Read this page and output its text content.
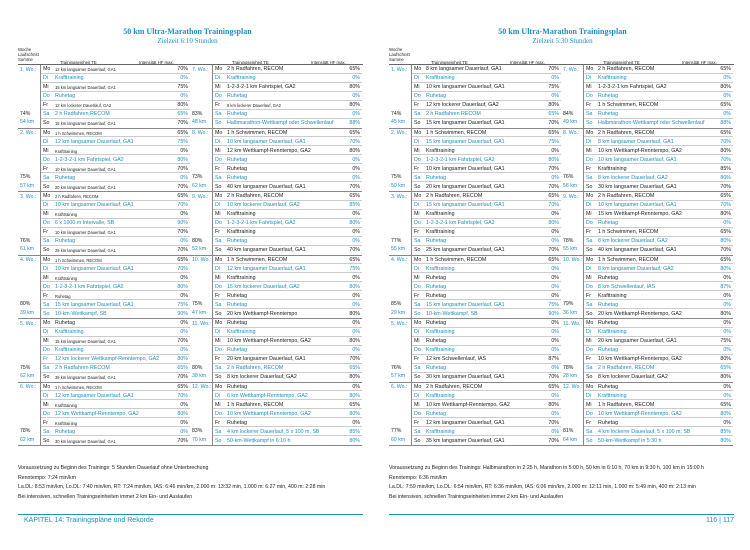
50 km Ultra-Marathon Trainingsplan
Zielzeit 6:10 Stunden
Woche Laufschnitt Summe
Trainingseinheit TE	Intensität HF max.	Trainingseinheit TE	Intensität HF max.
1. Wo.:
74%
54 km
Mo 12 km langsamer Dauerlauf, GA1	70%
Di Krafttraining	0%
Mi 15 km langsamer Dauerlauf, GA1	75%
Do Ruhetag	0%
Fr 12 km lockerer Dauerlauf, GA2	80%
Sa 2 h Radfahren RECOM	65%
So 15 km langsamer Dauerlauf, GA1	70%
2. Wo.:
75%
57 km
Mo 1 h Schwimmen, RECOM	65%
Di 12 km langsamer Dauerlauf, GA1	75%
Mi Krafttraining	0%
Do 1-2-3-2-1 km Fahrtspiel, GA2	80%
Fr 10 km langsamer Dauerlauf, GA1	70%
Sa Ruhetag	0%
So 20 km langsamer Dauerlauf, GA1	70%
3. Wo.:
76%
61 km
Mo 2 h Radfahren, RECOM	65%
Di 10 km langsamer Dauerlauf, GA1	70%
Mi Krafttraining	0%
Do 6 x 1000 m Intervalle, SB	90%
Fr 10 km langsamer Dauerlauf, GA1	70%
Sa Ruhetag	0%
So 25 km langsamer Dauerlauf, GA1	70%
4. Wo.:
80%
39 km
Mo 1 h Schwimmen, RECOM	65%
Di 10 km langsamer Dauerlauf, GA1	70%
Mi Krafttraining	0%
Do 1-2-3-2-1 km Fahrtspiel, GA2	80%
Fr Ruhetag	0%
Sa 15 km langsamer Dauerlauf, GA1	75%
So 10-km-Wettkampf, SB	90%
5. Wo.:
75%
62 km
Mo Ruhetag	0%
Di Krafttraining	0%
Mi 15 km langsamer Dauerlauf, GA1	70%
Do Krafttraining	0%
Fr 12 km lockerer Wettkampf-Renntempo, GA2	80%
Sa 2 h Radfahren RECOM	65%
So 35 km langsamer Dauerlauf, GA1	70%
6. Wo.:
78%
62 km
Mo 1 h Schwimmen, RECOM	65%
Di 12 km langsamer Dauerlauf, GA1	70%
Mi Krafttraining	0%
Do 12 km Wettkampf-Renntempo, GA2	80%
Fr Krafttraining	0%
Sa Ruhetag	0%
So 30 km langsamer Dauerlauf, GA1	70%
7. Wo.:
83%
48 km
Mo 2 h Radfahren, RECOM	65%
Di Krafttraining	0%
Mi 1-2-3-2-1 km Fahrtspiel, GA2	80%
Do Ruhetag	0%
Fr 8 km lockerer Dauerlauf, GA2	80%
Sa Ruhetag	0%
So Halbmarathon-Wettkampf oder Schwellenlauf	88%
8. Wo.:
73%
62 km
Mo 1 h Schwimmen, RECOM	65%
Di 10 km langsamer Dauerlauf, GA1	70%
Mi 12 km Wettkampf-Renntempo, GA2	80%
Do Ruhetag	0%
Fr Ruhetag	0%
Sa Ruhetag	0%
So 40 km langsamer Dauerlauf, GA1	70%
9. Wo.:
80%
52 km
Mo 2 h Radfahren, RECOM	65%
Di 10 km lockerer Dauerlauf, GA2	85%
Mi Krafttraining	0%
Do 1-2-3-2-1 km Fahrtspiel, GA2	80%
Fr Krafttraining	0%
Sa Ruhetag	0%
So 40 km langsamer Dauerlauf, GA1	70%
10. Wo.:
75%
47 km
Mo 1 h Schwimmen, RECOM	65%
Di 12 km langsamer Dauerlauf, GA1	75%
Mi Krafttraining	0%
Do 15 km lockerer Dauerlauf, GA2	80%
Fr Ruhetag	0%
Sa Ruhetag	0%
So 20 km Wettkampf-Renntempo	80%
11. Wo.:
80%
38 km
Mo Ruhetag	0%
Di Krafttraining	0%
Mi 10 km Wettkampf-Renntempo, GA2	80%
Do Ruhetag	0%
Fr 20 km langsamer Dauerlauf, GA1	70%
Sa 2 h Radfahren, RECOM	65%
So 8 km lockerer Dauerlauf, GA2	80%
12. Wo.:
83%
70 km
Mo Ruhetag	0%
Di 6 km Wettkampf-Renntempo, GA2	80%
Mi 1 h Radfahren, RECOM	65%
Do 10 km Wettkampf-Renntempo, GA2	80%
Fr Ruhetag	0%
Sa 4 km lockerer Dauerlauf, 5 x 100 m, SB	85%
So 50-km-Wettkampf in 6:10 h	80%
Voraussetzung zu Beginn des Trainings: 5 Stunden Dauerlauf ohne Unterbrechung
Renntempo: 7:24 min/km
La.DL: 8:53 min/km, Lo.DL: 7:40 min/km, RT: 7:24 min/km, IAS: 6:46 min/km, 2.000 m: 13:32 min, 1.000 m: 6:27 min, 400 m: 2:28 min
Bei intensiven, schnellen Trainingseinheiten immer 2 km Ein- und Auslaufen
KAPITEL 14: Trainingspläne und Rekorde
50 km Ultra-Marathon Trainingsplan
Zielzeit 5:30 Stunden
Woche Laufschnitt Summe
Trainingseinheit TE	Intensität HF max.	Trainingseinheit TE	Intensität HF max.
1. Wo.:
74%
45 km
Mo 8 km langsamer Dauerlauf, GA1	70%
Di Krafttraining	0%
Mi 10 km langsamer Dauerlauf, GA1	75%
Do Ruhetag	0%
Fr 12 km lockerer Dauerlauf, GA2	80%
Sa 2 h Radfahren RECOM	65%
So 15 km langsamer Dauerlauf, GA1	70%
2. Wo.:
75%
50 km
Mo 1 h Schwimmen, RECOM	65%
Di 15 km langsamer Dauerlauf, GA1	75%
Mi Krafttraining	0%
Do 1-2-3-2-1 km Fahrtspiel, GA2	80%
Fr 10 km langsamer Dauerlauf, GA1	70%
Sa Ruhetag	0%
So 20 km langsamer Dauerlauf, GA1	70%
3. Wo.:
77%
55 km
Mo 2 h Radfahren, RECOM	65%
Di 15 km langsamer Dauerlauf, GA1	70%
Mi Krafttraining	0%
Do 1-2-3-2-1 km Fahrtspiel, GA2	80%
Fr Krafttraining	0%
Sa Ruhetag	0%
So 25 km langsamer Dauerlauf, GA1	70%
4. Wo.:
85%
29 km
Mo 1 h Schwimmen, RECOM	65%
Di Krafttraining	0%
Mi Ruhetag	0%
Do Ruhetag	0%
Fr Ruhetag	0%
Sa 15 km langsamer Dauerlauf, GA1	75%
So 10-km-Wettkampf, SB	90%
5. Wo.:
76%
57 km
Mo Ruhetag	0%
Di Krafttraining	0%
Mi Ruhetag	0%
Do Krafttraining	0%
Fr 12 km Schwellenlauf, IAS	87%
Sa Ruhetag	0%
So 30 km langsamer Dauerlauf, GA1	70%
6. Wo.:
77%
60 km
Mo 2 h Radfahren, RECOM	65%
Di Krafttraining	0%
Mi 10 km Wettkampf-Renntempo, GA2	80%
Do Ruhetag	0%
Fr 12 km langsamer Dauerlauf, GA1	70%
Sa Krafttraining	0%
So 35 km langsamer Dauerlauf, GA1	70%
7. Wo.:
84%
49 km
Mo 2 h Radfahren, RECOM	65%
Di Krafttraining	0%
Mi 1-2-3-2-1 km Fahrtspiel, GA2	80%
Do Ruhetag	0%
Fr 1 h Schwimmen, RECOM	65%
Sa Ruhetag	0%
So Halbmarathon-Wettkampf oder Schwellenlauf	88%
8. Wo.:
76%
56 km
Mo 2 h Radfahren, RECOM	65%
Di 8 km langsamer Dauerlauf, GA1	70%
Mi 10 km Wettkampf-Renntempo, GA2	80%
Do 10 km langsamer Dauerlauf, GA1	70%
Fr Krafttraining	85%
Sa 8 km lockerer Dauerlauf, GA2	80%
So 30 km langsamer Dauerlauf, GA1	70%
9. Wo.:
78%
55 km
Mo 2 h Radfahren, RECOM	65%
Di 10 km langsamer Dauerlauf, GA1	70%
Mi 15 km Wettkampf-Renntempo, GA2	80%
Do Ruhetag	0%
Fr 1 h Schwimmen, RECOM	65%
Sa 8 km lockerer Dauerlauf, GA2	80%
So 40 km langsamer Dauerlauf, GA1	70%
10. Wo.:
79%
36 km
Mo 1 h Schwimmen, RECOM	65%
Di 8 km langsamer Dauerlauf, GA2	80%
Mi Ruhetag	0%
Do 8 km Schwellenlauf, IAS	87%
Fr Krafttraining	0%
Sa Ruhetag	0%
So 20 km Wettkampf-Renntempo, GA2	80%
11. Wo.:
78%
28 km
Mo Ruhetag	0%
Di Krafttraining	0%
Mi 20 km langsamer Dauerlauf, GA1	75%
Do Ruhetag	0%
Fr 10 km Wettkampf-Renntempo, GA2	80%
Sa 2 h Radfahren, RECOM	65%
So 8 km lockerer Dauerlauf, GA2	80%
12. Wo.:
81%
64 km
Mo Ruhetag	0%
Di Krafttraining	0%
Mi 1 h Radfahren, RECOM	65%
Do 10 km Wettkampf-Renntempo, GA2	80%
Fr Ruhetag	0%
Sa 4 km lockerer Dauerlauf, 5 x 100 m, SB	85%
So 50-km-Wettkampf in 5:30 h	80%
Voraussetzung zu Beginn des Trainings: Halbmarathon in 2:25 h, Marathon in 5:00 h, 50 km in 6:10 h, 70 km in 9:30 h, 100 km in 15:00 h
Renntempo: 6:36 min/km
La.DL: 7:59 min/km, Lo.DL: 6:54 min/km, RT: 6:36 min/km, IAS: 6:06 min/km, 2.000 m: 12:11 min, 1.000 m: 5:49 min, 400 m: 2:13 min
Bei intensiven, schnellen Trainingseinheiten immer 2 km Ein- und Auslaufen
116 | 117
